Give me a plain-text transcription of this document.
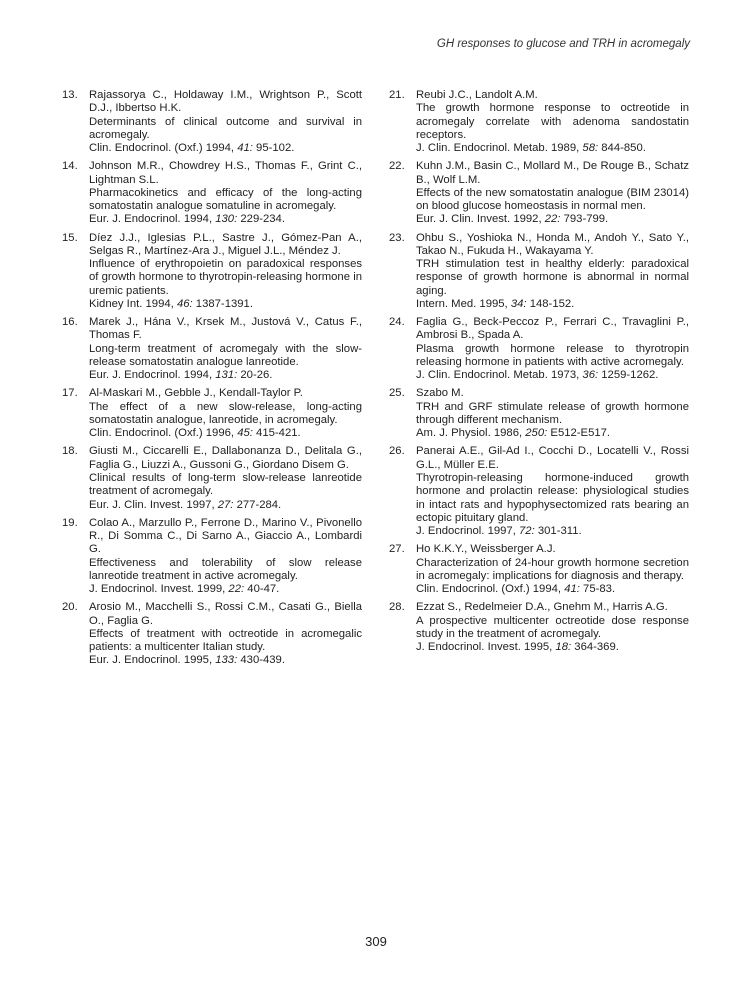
GH responses to glucose and TRH in acromegaly
13. Rajassorya C., Holdaway I.M., Wrightson P., Scott D.J., Ibbertso H.K.
Determinants of clinical outcome and survival in acromegaly.
Clin. Endocrinol. (Oxf.) 1994, 41: 95-102.
14. Johnson M.R., Chowdrey H.S., Thomas F., Grint C., Lightman S.L.
Pharmacokinetics and efficacy of the long-acting somatostatin analogue somatuline in acromegaly.
Eur. J. Endocrinol. 1994, 130: 229-234.
15. Díez J.J., Iglesias P.L., Sastre J., Gómez-Pan A., Selgas R., Martínez-Ara J., Miguel J.L., Méndez J.
Influence of erythropoietin on paradoxical responses of growth hormone to thyrotropin-releasing hormone in uremic patients.
Kidney Int. 1994, 46: 1387-1391.
16. Marek J., Hána V., Krsek M., Justová V., Catus F., Thomas F.
Long-term treatment of acromegaly with the slow-release somatostatin analogue lanreotide.
Eur. J. Endocrinol. 1994, 131: 20-26.
17. Al-Maskari M., Gebble J., Kendall-Taylor P.
The effect of a new slow-release, long-acting somatostatin analogue, lanreotide, in acromegaly.
Clin. Endocrinol. (Oxf.) 1996, 45: 415-421.
18. Giusti M., Ciccarelli E., Dallabonanza D., Delitala G., Faglia G., Liuzzi A., Gussoni G., Giordano Disem G.
Clinical results of long-term slow-release lanreotide treatment of acromegaly.
Eur. J. Clin. Invest. 1997, 27: 277-284.
19. Colao A., Marzullo P., Ferrone D., Marino V., Pivonello R., Di Somma C., Di Sarno A., Giaccio A., Lombardi G.
Effectiveness and tolerability of slow release lanreotide treatment in active acromegaly.
J. Endocrinol. Invest. 1999, 22: 40-47.
20. Arosio M., Macchelli S., Rossi C.M., Casati G., Biella O., Faglia G.
Effects of treatment with octreotide in acromegalic patients: a multicenter Italian study.
Eur. J. Endocrinol. 1995, 133: 430-439.
21. Reubi J.C., Landolt A.M.
The growth hormone response to octreotide in acromegaly correlate with adenoma sandostatin receptors.
J. Clin. Endocrinol. Metab. 1989, 58: 844-850.
22. Kuhn J.M., Basin C., Mollard M., De Rouge B., Schatz B., Wolf L.M.
Effects of the new somatostatin analogue (BIM 23014) on blood glucose homeostasis in normal men.
Eur. J. Clin. Invest. 1992, 22: 793-799.
23. Ohbu S., Yoshioka N., Honda M., Andoh Y., Sato Y., Takao N., Fukuda H., Wakayama Y.
TRH stimulation test in healthy elderly: paradoxical response of growth hormone is abnormal in normal aging.
Intern. Med. 1995, 34: 148-152.
24. Faglia G., Beck-Peccoz P., Ferrari C., Travaglini P., Ambrosi B., Spada A.
Plasma growth hormone release to thyrotropin releasing hormone in patients with active acromegaly.
J. Clin. Endocrinol. Metab. 1973, 36: 1259-1262.
25. Szabo M.
TRH and GRF stimulate release of growth hormone through different mechanism.
Am. J. Physiol. 1986, 250: E512-E517.
26. Panerai A.E., Gil-Ad I., Cocchi D., Locatelli V., Rossi G.L., Müller E.E.
Thyrotropin-releasing hormone-induced growth hormone and prolactin release: physiological studies in intact rats and hypophysectomized rats bearing an ectopic pituitary gland.
J. Endocrinol. 1997, 72: 301-311.
27. Ho K.K.Y., Weissberger A.J.
Characterization of 24-hour growth hormone secretion in acromegaly: implications for diagnosis and therapy.
Clin. Endocrinol. (Oxf.) 1994, 41: 75-83.
28. Ezzat S., Redelmeier D.A., Gnehm M., Harris A.G.
A prospective multicenter octreotide dose response study in the treatment of acromegaly.
J. Endocrinol. Invest. 1995, 18: 364-369.
309
